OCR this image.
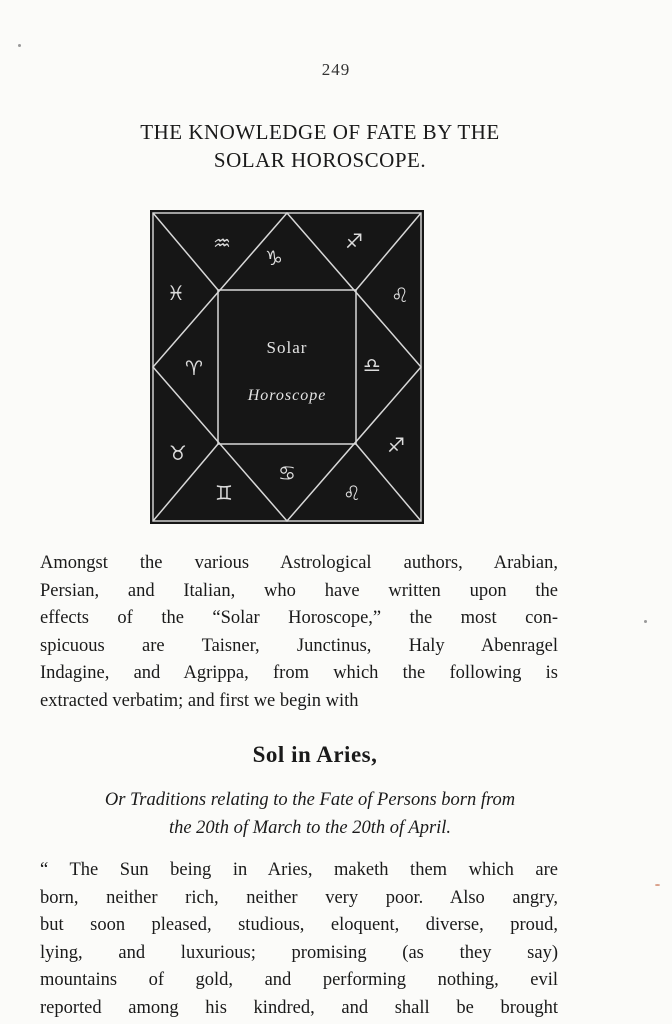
249
THE KNOWLEDGE OF FATE BY THE
SOLAR HOROSCOPE.
Solar
Horoscope
♒
♑
♐
♓	♌
♈	♎
♉	♐
♊
♋
♌
Amongst the various Astrological authors, Arabian,
Persian, and Italian, who have written upon the
effects of the “Solar Horoscope,” the most con-
spicuous are Taisner, Junctinus, Haly Abenragel
Indagine, and Agrippa, from which the following is
extracted verbatim; and first we begin with
Sol in Aries,
Or Traditions relating to the Fate of Persons born from
the 20th of March to the 20th of April.
“ The Sun being in Aries, maketh them which are
born, neither rich, neither very poor. Also angry,
but soon pleased, studious, eloquent, diverse, proud,
lying, and luxurious; promising (as they say)
mountains of gold, and performing nothing, evil
reported among his kindred, and shall be brought
